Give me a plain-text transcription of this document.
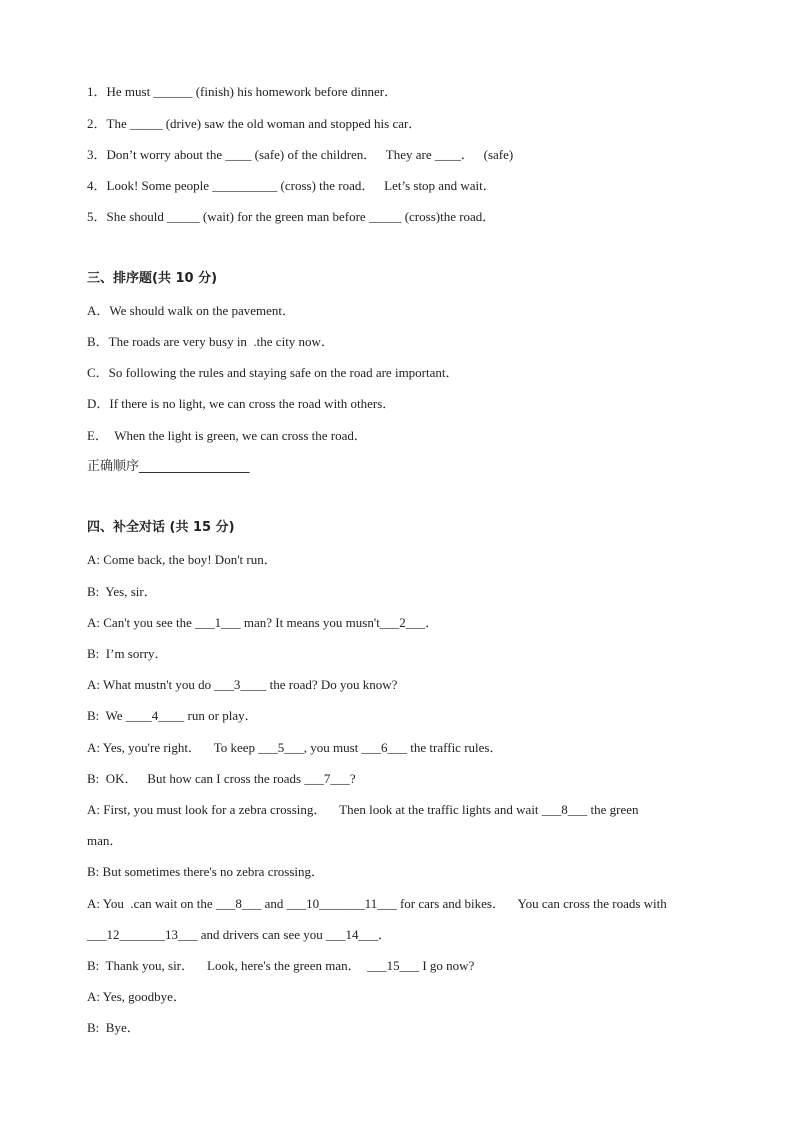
1．He must ______ (finish) his homework before dinner．
2．The _____ (drive) saw the old woman and stopped his car．
3．Don’t worry about the ____ (safe) of the children．   They are ____．   (safe)
4．Look! Some people __________ (cross) the road．   Let’s stop and wait．
5．She should _____ (wait) for the green man before _____ (cross)the road．
三、排序题(共 10 分)
A．We should walk on the pavement．
B．The roads are very busy in  .the city now．
C．So following the rules and staying safe on the road are important．
D．If there is no light, we can cross the road with others．
E．  When the light is green, we can cross the road．
正确顺序_________________
四、补全对话 (共 15 分)
A: Come back, the boy! Don't run．
B:  Yes, sir．
A: Can't you see the ___1___ man? It means you musn't___2___．
B:  I’m sorry．
A: What mustn't you do ___3____ the road? Do you know?
B:  We ____4____ run or play．
A: Yes, you're right．    To keep ___5___, you must ___6___ the traffic rules．
B:  OK．   But how can I cross the roads ___7___?
A: First, you must look for a zebra crossing．    Then look at the traffic lights and wait ___8___ the green
man．
B: But sometimes there's no zebra crossing．
A: You  .can wait on the ___8___ and ___10_______11___ for cars and bikes．    You can cross the roads with
___12_______13___ and drivers can see you ___14___．
B:  Thank you, sir．    Look, here's the green man．  ___15___ I go now?
A: Yes, goodbye．
B:  Bye．
